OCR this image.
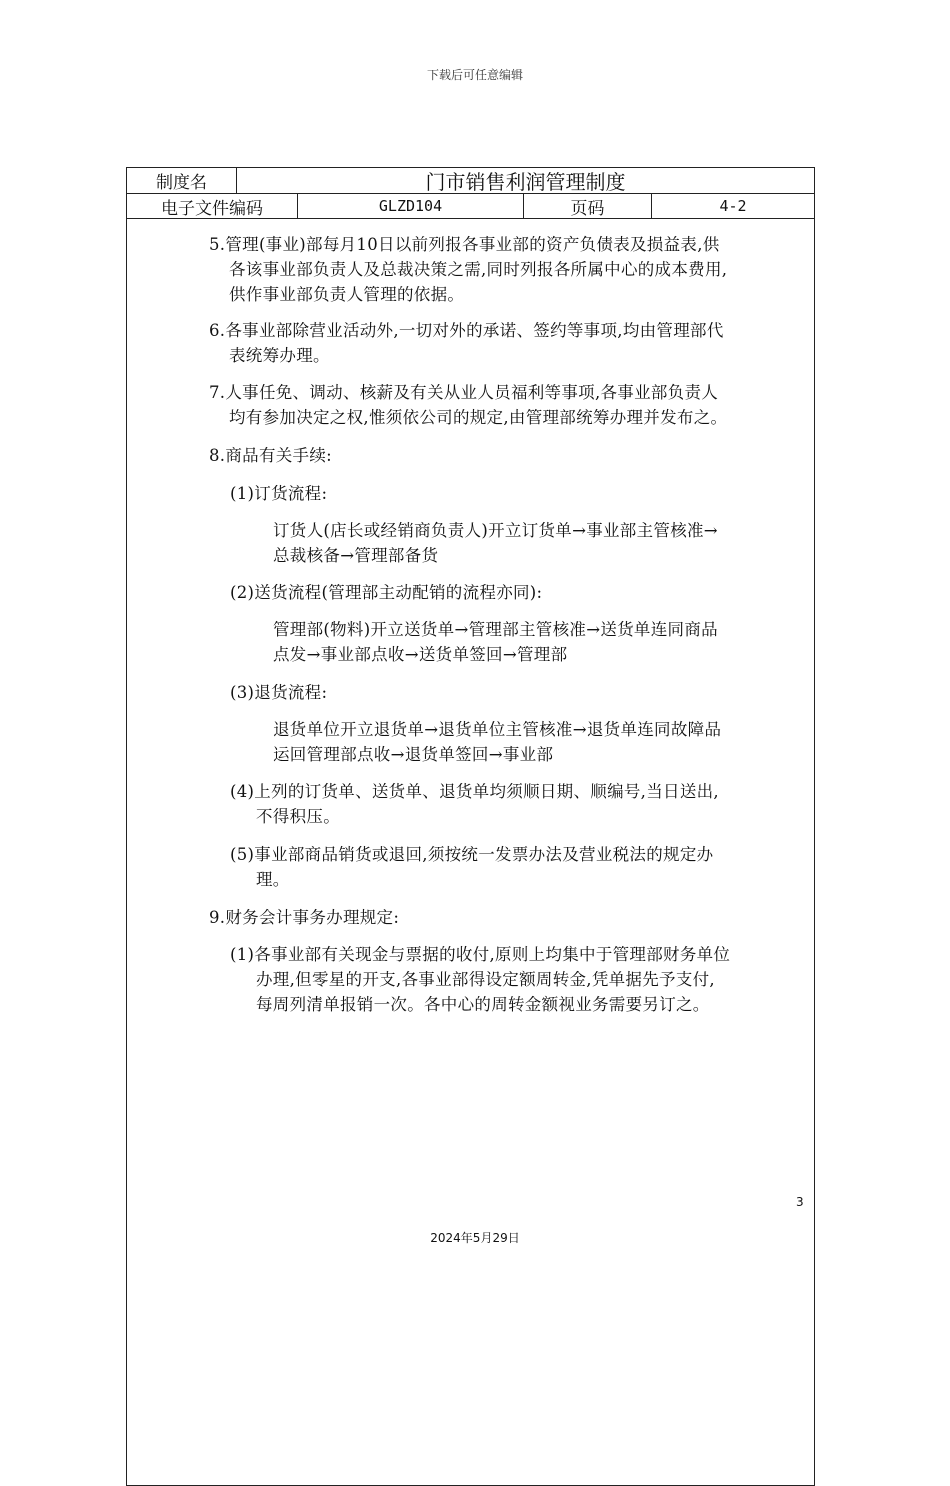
下载后可任意编辑
制度名	门市销售利润管理制度
电子文件编码	GLZD104	页码	4-2
5.管理(事业)部每月10日以前列报各事业部的资产负债表及损益表,供
各该事业部负责人及总裁决策之需,同时列报各所属中心的成本费用,
供作事业部负责人管理的依据。
6.各事业部除营业活动外,一切对外的承诺、签约等事项,均由管理部代
表统筹办理。
7.人事任免、调动、核薪及有关从业人员福利等事项,各事业部负责人
均有参加决定之权,惟须依公司的规定,由管理部统筹办理并发布之。
8.商品有关手续:
(1)订货流程:
订货人(店长或经销商负责人)开立订货单→事业部主管核准→
总裁核备→管理部备货
(2)送货流程(管理部主动配销的流程亦同):
管理部(物料)开立送货单→管理部主管核准→送货单连同商品
点发→事业部点收→送货单签回→管理部
(3)退货流程:
退货单位开立退货单→退货单位主管核准→退货单连同故障品
运回管理部点收→退货单签回→事业部
(4)上列的订货单、送货单、退货单均须顺日期、顺编号,当日送出,
不得积压。
(5)事业部商品销货或退回,须按统一发票办法及营业税法的规定办
理。
9.财务会计事务办理规定:
(1)各事业部有关现金与票据的收付,原则上均集中于管理部财务单位
办理,但零星的开支,各事业部得设定额周转金,凭单据先予支付,
每周列清单报销一次。各中心的周转金额视业务需要另订之。
3
2024年5月29日
